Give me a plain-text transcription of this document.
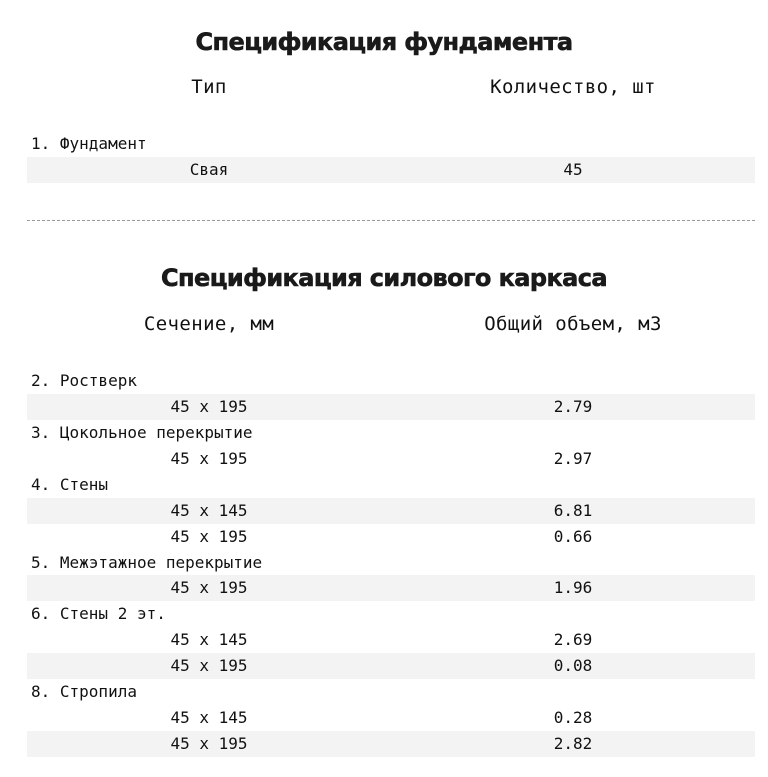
Спецификация фундамента
Тип	Количество, шт
1. Фундамент
Свая	45
Спецификация силового каркаса
Сечение, мм	Общий объем, м3
2. Ростверк
45 x 195	2.79
3. Цокольное перекрытие
45 x 195	2.97
4. Стены
45 x 145	6.81
45 x 195	0.66
5. Межэтажное перекрытие
45 x 195	1.96
6. Стены 2 эт.
45 x 145	2.69
45 x 195	0.08
8. Стропила
45 x 145	0.28
45 x 195	2.82
